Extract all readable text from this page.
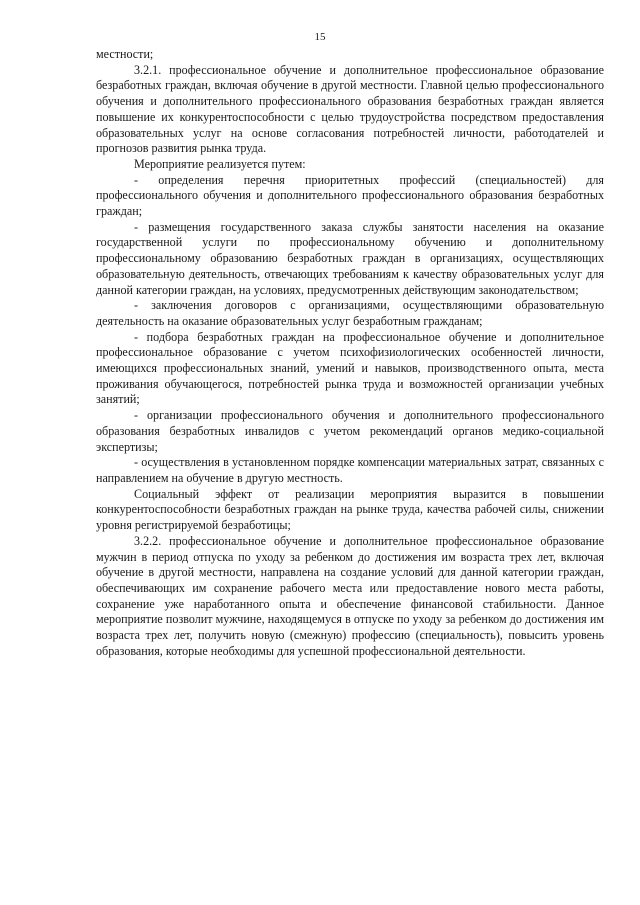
15

местности;

3.2.1. профессиональное обучение и дополнительное профессиональное образование безработных граждан, включая обучение в другой местности. Главной целью профессионального обучения и дополнительного профессионального образования безработных граждан является повышение их конкурентоспособности с целью трудоустройства посредством предоставления образовательных услуг на основе согласования потребностей личности, работодателей и прогнозов развития рынка труда.

Мероприятие реализуется путем:

- определения перечня приоритетных профессий (специальностей) для профессионального обучения и дополнительного профессионального образования безработных граждан;

- размещения государственного заказа службы занятости населения на оказание государственной услуги по профессиональному обучению и дополнительному профессиональному образованию безработных граждан в организациях, осуществляющих образовательную деятельность, отвечающих требованиям к качеству образовательных услуг для данной категории граждан, на условиях, предусмотренных действующим законодательством;

- заключения договоров с организациями, осуществляющими образовательную деятельность на оказание образовательных услуг безработным гражданам;

- подбора безработных граждан на профессиональное обучение и дополнительное профессиональное образование с учетом психофизиологических особенностей личности, имеющихся профессиональных знаний, умений и навыков, производственного опыта, места проживания обучающегося, потребностей рынка труда и возможностей организации учебных занятий;

- организации профессионального обучения и дополнительного профессионального образования безработных инвалидов с учетом рекомендаций органов медико-социальной экспертизы;

- осуществления в установленном порядке компенсации материальных затрат, связанных с направлением на обучение в другую местность.

Социальный эффект от реализации мероприятия выразится в повышении конкурентоспособности безработных граждан на рынке труда, качества рабочей силы, снижении уровня регистрируемой безработицы;

3.2.2. профессиональное обучение и дополнительное профессиональное образование мужчин в период отпуска по уходу за ребенком до достижения им возраста трех лет, включая обучение в другой местности, направлена на создание условий для данной категории граждан, обеспечивающих им сохранение рабочего места или предоставление нового места работы, сохранение уже наработанного опыта и обеспечение финансовой стабильности. Данное мероприятие позволит мужчине, находящемуся в отпуске по уходу за ребенком до достижения им возраста трех лет, получить новую (смежную) профессию (специальность), повысить уровень образования, которые необходимы для успешной профессиональной деятельности.
